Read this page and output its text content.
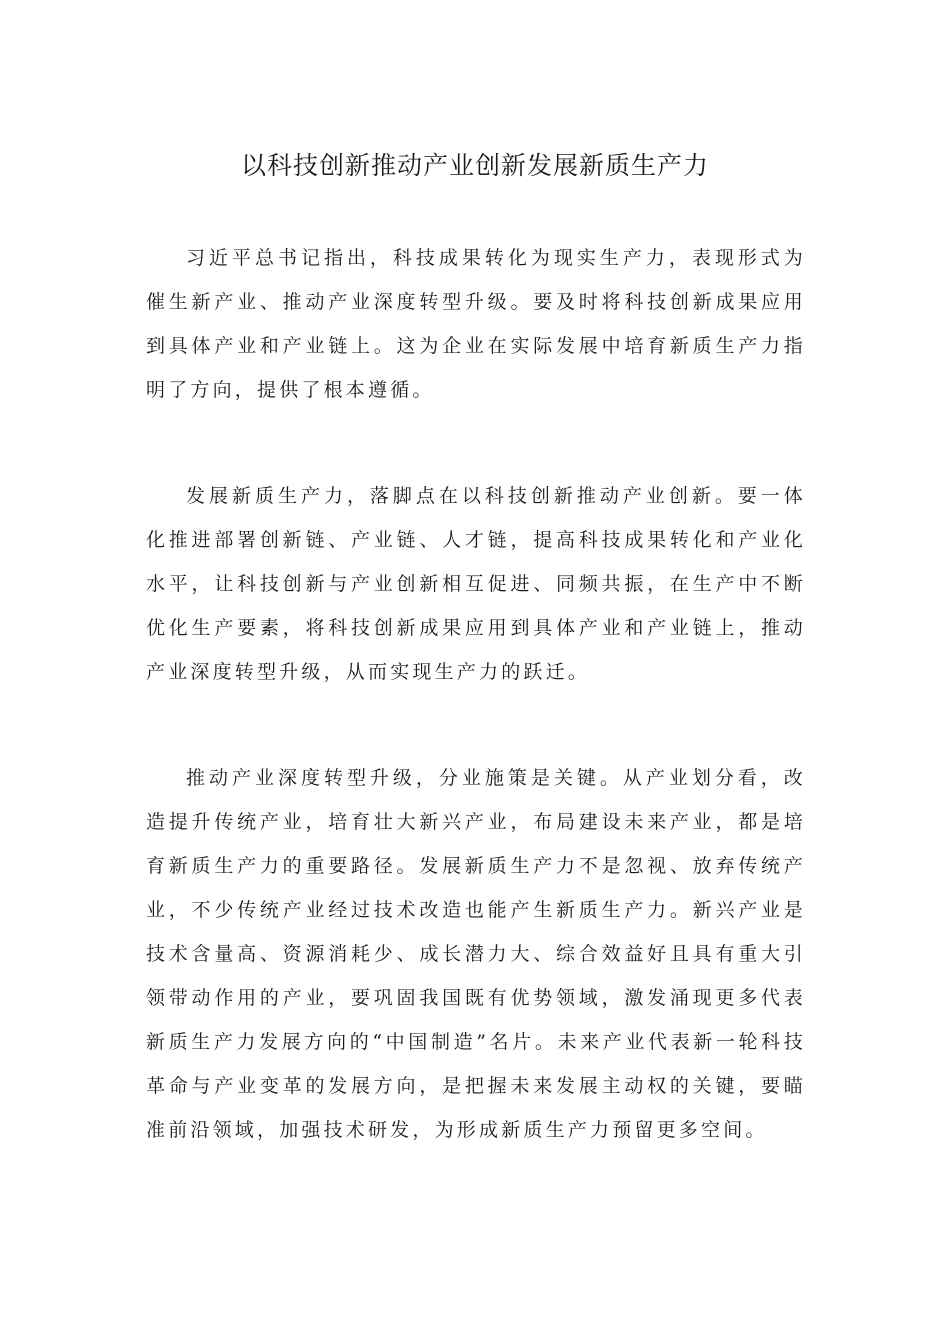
以科技创新推动产业创新发展新质生产力

习近平总书记指出，科技成果转化为现实生产力，表现形式为催生新产业、推动产业深度转型升级。要及时将科技创新成果应用到具体产业和产业链上。这为企业在实际发展中培育新质生产力指明了方向，提供了根本遵循。

发展新质生产力，落脚点在以科技创新推动产业创新。要一体化推进部署创新链、产业链、人才链，提高科技成果转化和产业化水平，让科技创新与产业创新相互促进、同频共振，在生产中不断优化生产要素，将科技创新成果应用到具体产业和产业链上，推动产业深度转型升级，从而实现生产力的跃迁。

推动产业深度转型升级，分业施策是关键。从产业划分看，改造提升传统产业，培育壮大新兴产业，布局建设未来产业，都是培育新质生产力的重要路径。发展新质生产力不是忽视、放弃传统产业，不少传统产业经过技术改造也能产生新质生产力。新兴产业是技术含量高、资源消耗少、成长潜力大、综合效益好且具有重大引领带动作用的产业，要巩固我国既有优势领域，激发涌现更多代表新质生产力发展方向的“中国制造”名片。未来产业代表新一轮科技革命与产业变革的发展方向，是把握未来发展主动权的关键，要瞄准前沿领域，加强技术研发，为形成新质生产力预留更多空间。
